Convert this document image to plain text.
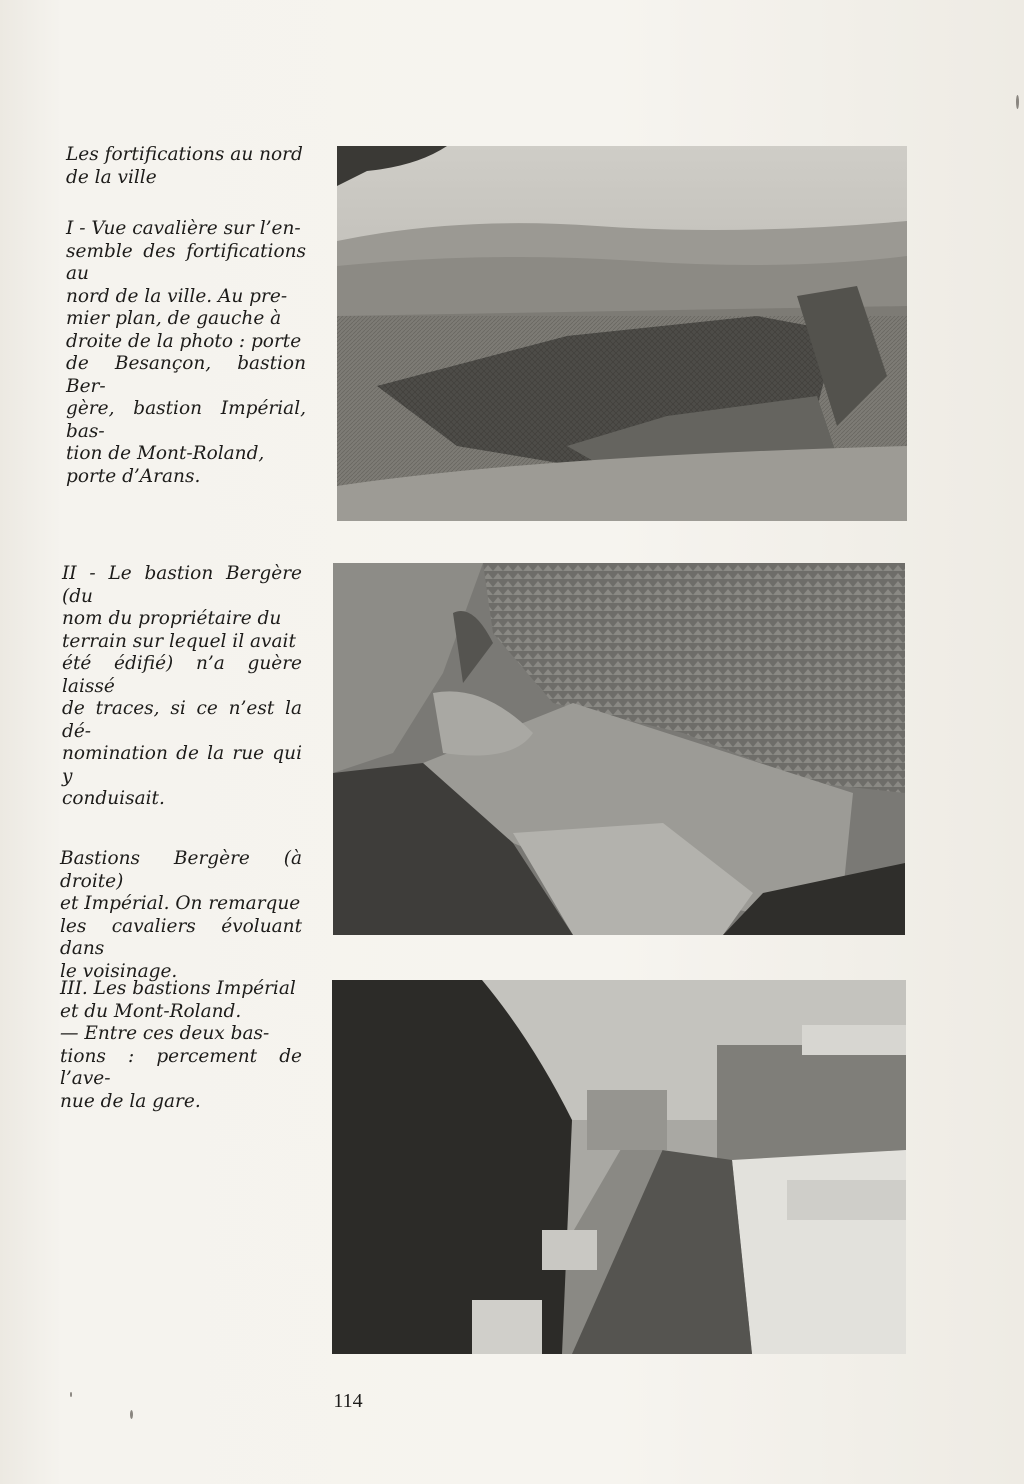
Les fortifications au nord
de la ville
I - Vue cavalière sur l’en-
semble des fortifications au
nord de la ville. Au pre-
mier plan, de gauche à
droite de la photo : porte
de Besançon, bastion Ber-
gère, bastion Impérial, bas-
tion de Mont-Roland,
porte d’Arans.
II - Le bastion Bergère (du
nom du propriétaire du
terrain sur lequel il avait
été édifié) n’a guère laissé
de traces, si ce n’est la dé-
nomination de la rue qui y
conduisait.
Bastions Bergère (à droite)
et Impérial. On remarque
les cavaliers évoluant dans
le voisinage.
III. Les bastions Impérial
et du Mont-Roland.
— Entre ces deux bas-
tions : percement de l’ave-
nue de la gare.
114
